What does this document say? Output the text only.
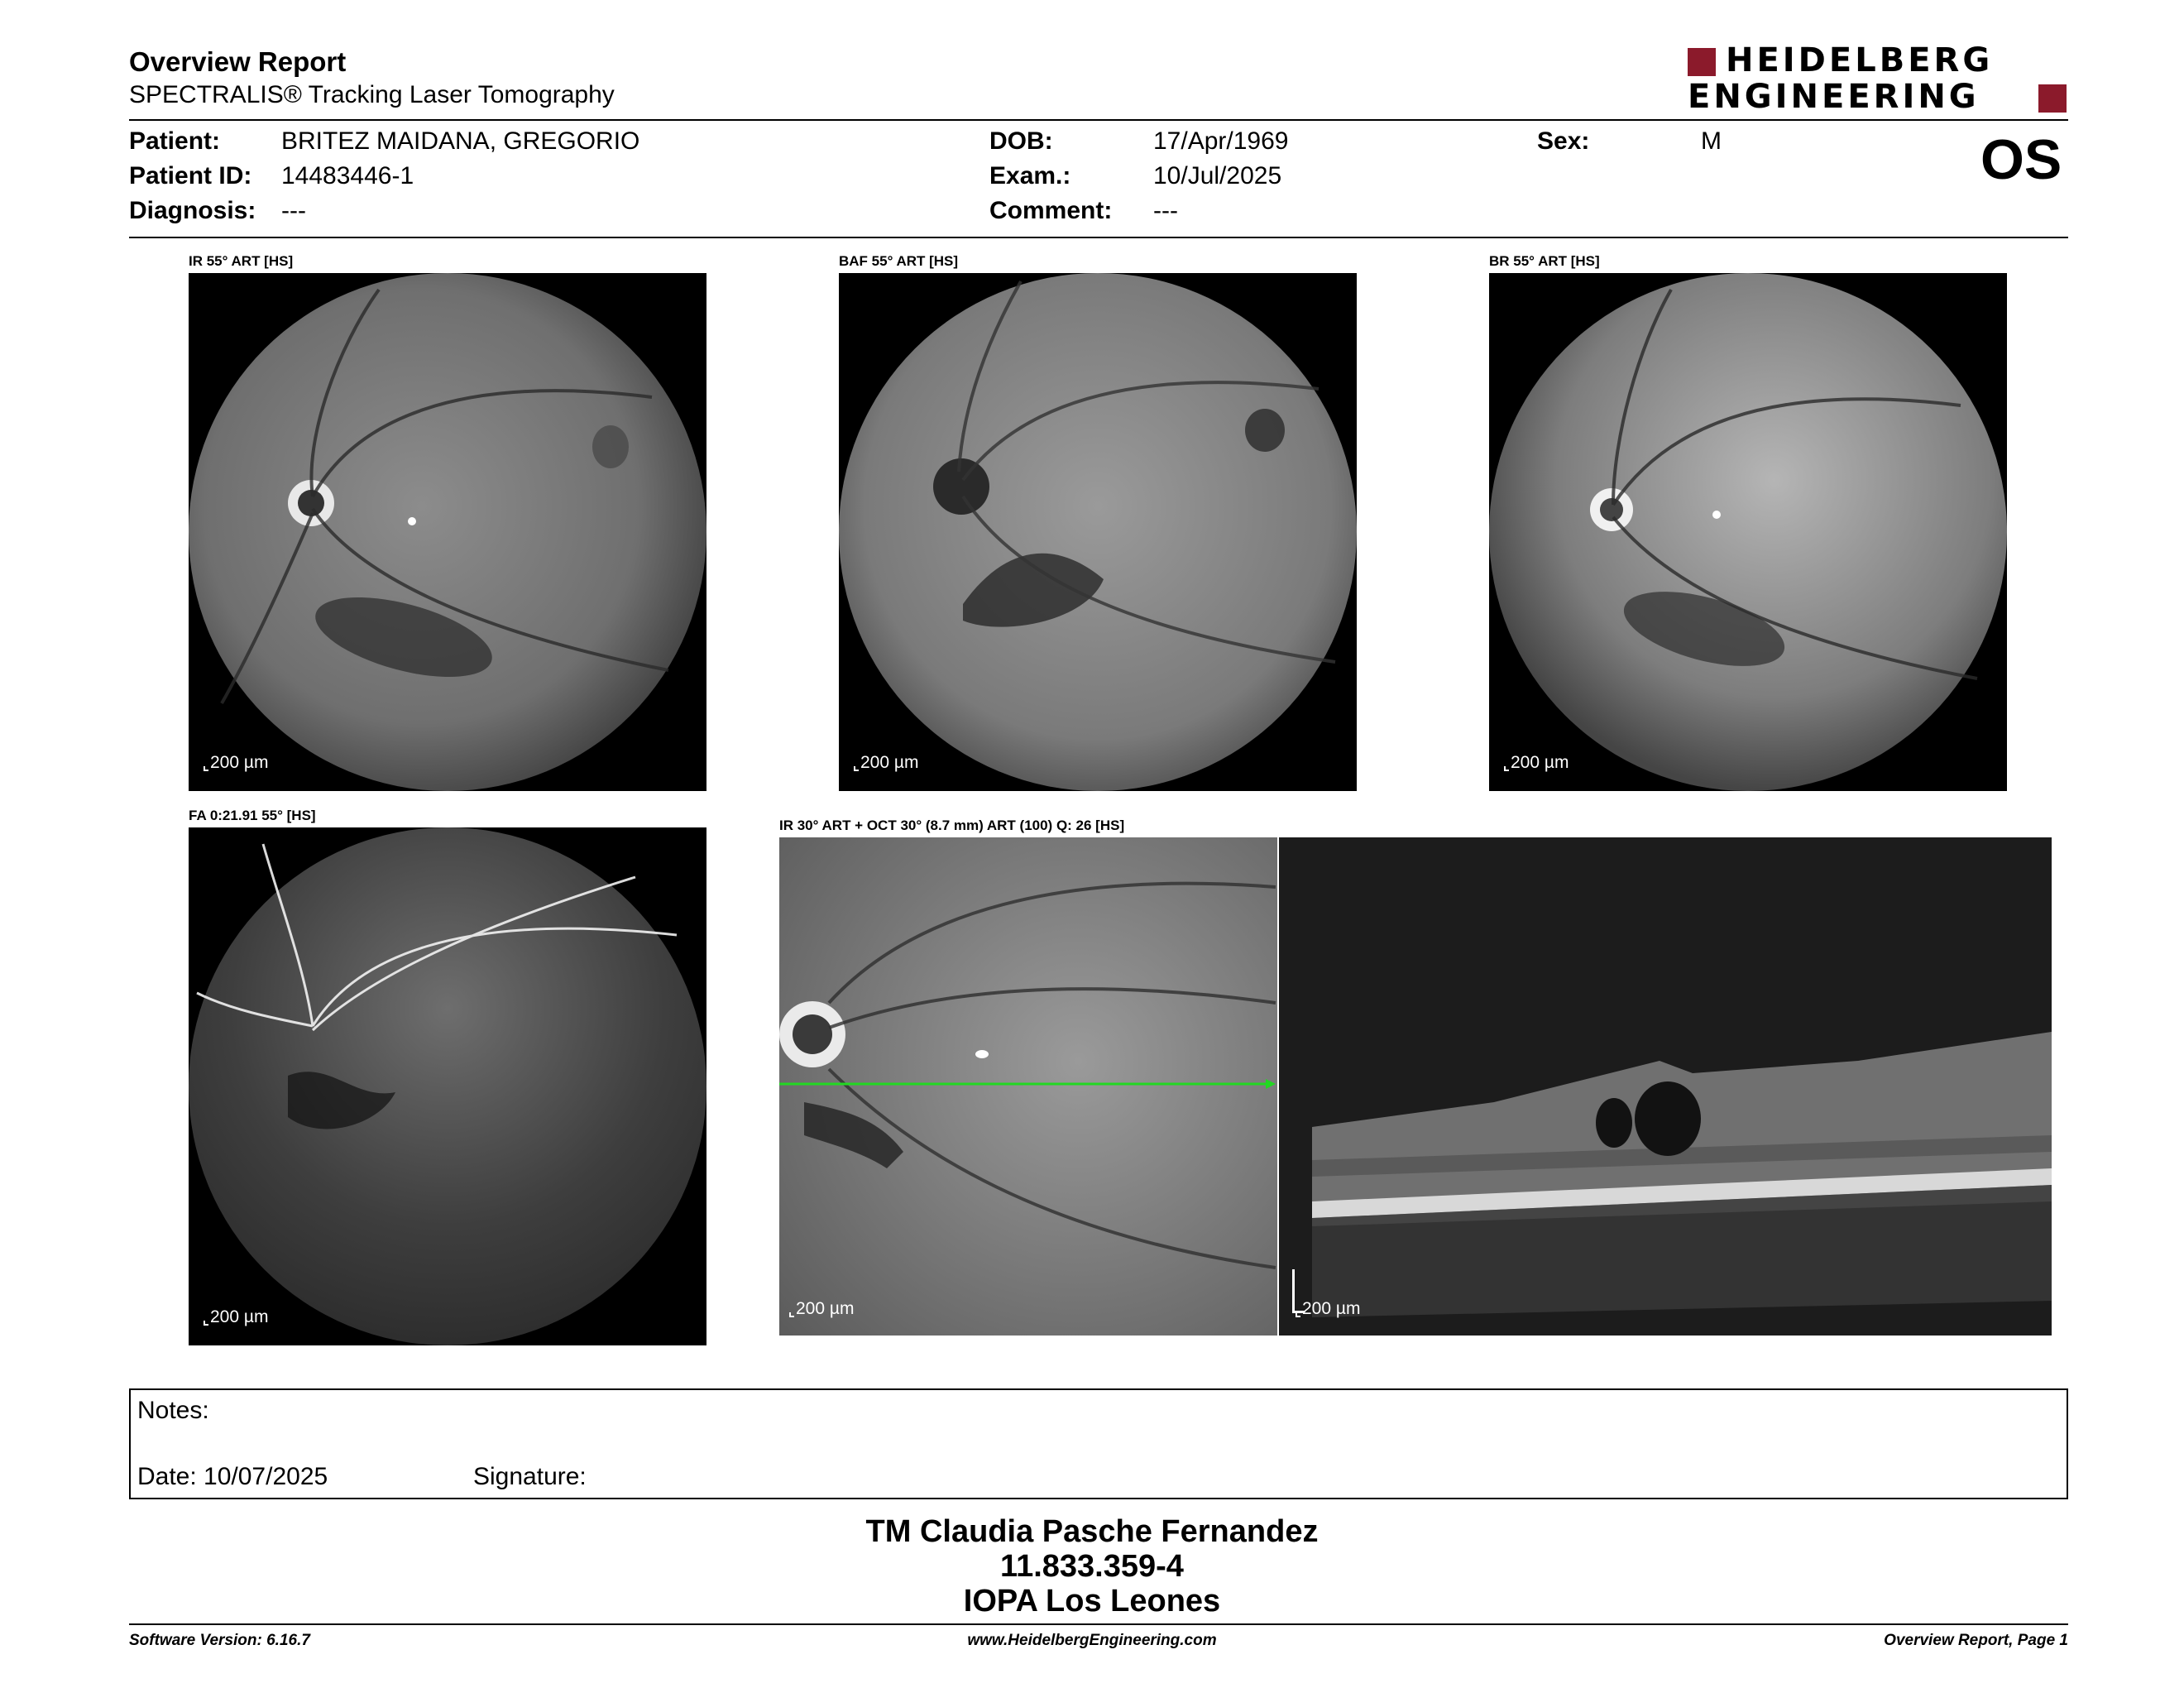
Overview Report
SPECTRALIS® Tracking Laser Tomography
HEIDELBERG
ENGINEERING
Patient: BRITEZ MAIDANA, GREGORIO
Patient ID: 14483446-1
Diagnosis: ---
DOB:	17/Apr/1969
Exam.:	10/Jul/2025
Comment: ---
Sex:	M	OS
IR 55° ART [HS]
200 µm
BAF 55° ART [HS]
200 µm
BR 55° ART [HS]
200 µm
FA 0:21.91 55° [HS]
200 µm
IR 30° ART + OCT 30° (8.7 mm) ART (100) Q: 26 [HS]
200 µm	200 µm
Notes:
Date: 10/07/2025	Signature:
TM Claudia Pasche Fernandez
11.833.359-4
IOPA Los Leones
Software Version: 6.16.7	www.HeidelbergEngineering.com	Overview Report, Page 1
